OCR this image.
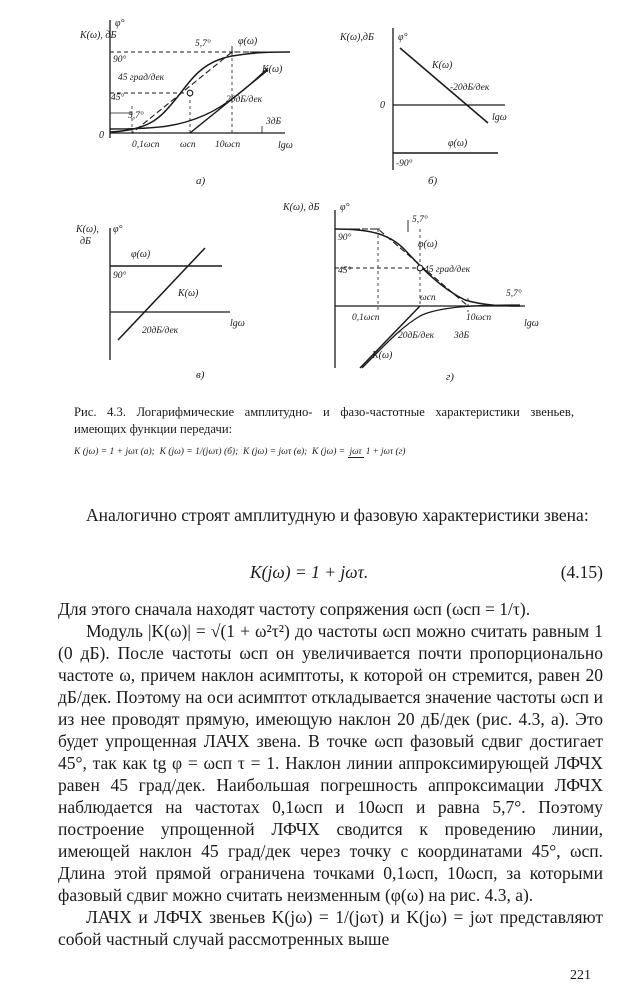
K(ω), дБ
φ°
lgω
φ(ω)
K(ω)
5,7°
5,7°
90°
45°
45 град/дек
20дБ/дек
3дБ
0
0,1ωсп ωсп 10ωсп
а)
K(ω),дБ φ°
lgω
K(ω)
-20дБ/дек
φ(ω)
0
-90°
б)
K(ω),
дБ
φ°
lgω
φ(ω)
90°
K(ω)
20дБ/дек
в)
K(ω), дБ φ°
lgω
φ(ω)
45 град/дек
5,7°
5,7°
90°
45°
0,1ωсп
ωсп
10ωсп
20дБ/дек 3дБ
K(ω)
г)
Рис. 4.3. Логарифмические амплитудно- и фазо-частотные характеристики звеньев, имеющих функции передачи:
K (jω) = 1 + jωτ (a); K (jω) = 1/(jωτ) (б); K (jω) = jωτ (в); K (jω) = jωτ 1 + jωτ (г)

Аналогично строят амплитудную и фазовую характеристики звена:

K(jω) = 1 + jωτ.	(4.15)

Для этого сначала находят частоту сопряжения ωсп (ωсп = 1/τ).

Модуль |K(ω)| = √(1 + ω²τ²) до частоты ωсп можно считать равным 1 (0 дБ). После частоты ωсп он увеличивается почти пропорционально частоте ω, причем наклон асимптоты, к которой он стремится, равен 20 дБ/дек. Поэтому на оси асимптот откладывается значение частоты ωсп и из нее проводят прямую, имеющую наклон 20 дБ/дек (рис. 4.3, а). Это будет упрощенная ЛАЧХ звена. В точке ωсп фазовый сдвиг достигает 45°, так как tg φ = ωсп τ = 1. Наклон линии аппроксимирующей ЛФЧХ равен 45 град/дек. Наибольшая погрешность аппроксимации ЛФЧХ наблюдается на частотах 0,1ωсп и 10ωсп и равна 5,7°. Поэтому построение упрощенной ЛФЧХ сводится к проведению линии, имеющей наклон 45 град/дек через точку с координатами 45°, ωсп. Длина этой прямой ограничена точками 0,1ωсп, 10ωсп, за которыми фазовый сдвиг можно считать неизменным (φ(ω) на рис. 4.3, а).

ЛАЧХ и ЛФЧХ звеньев K(jω) = 1/(jωτ) и K(jω) = jωτ представляют собой частный случай рассмотренных выше

221
